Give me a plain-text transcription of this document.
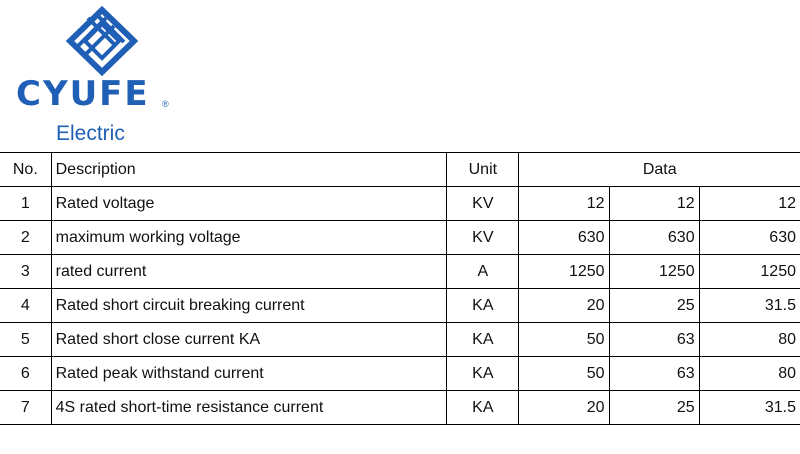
CYUFE ®
Electric
No.	Description	Unit	Data		
1	Rated voltage	KV	12	12	12
2	maximum working voltage	KV	630	630	630
3	rated current	A	1250	1250	1250
4	Rated short circuit breaking current	KA	20	25	31.5
5	Rated short close current KA	KA	50	63	80
6	Rated peak withstand current	KA	50	63	80
7	4S rated short-time resistance current	KA	20	25	31.5
